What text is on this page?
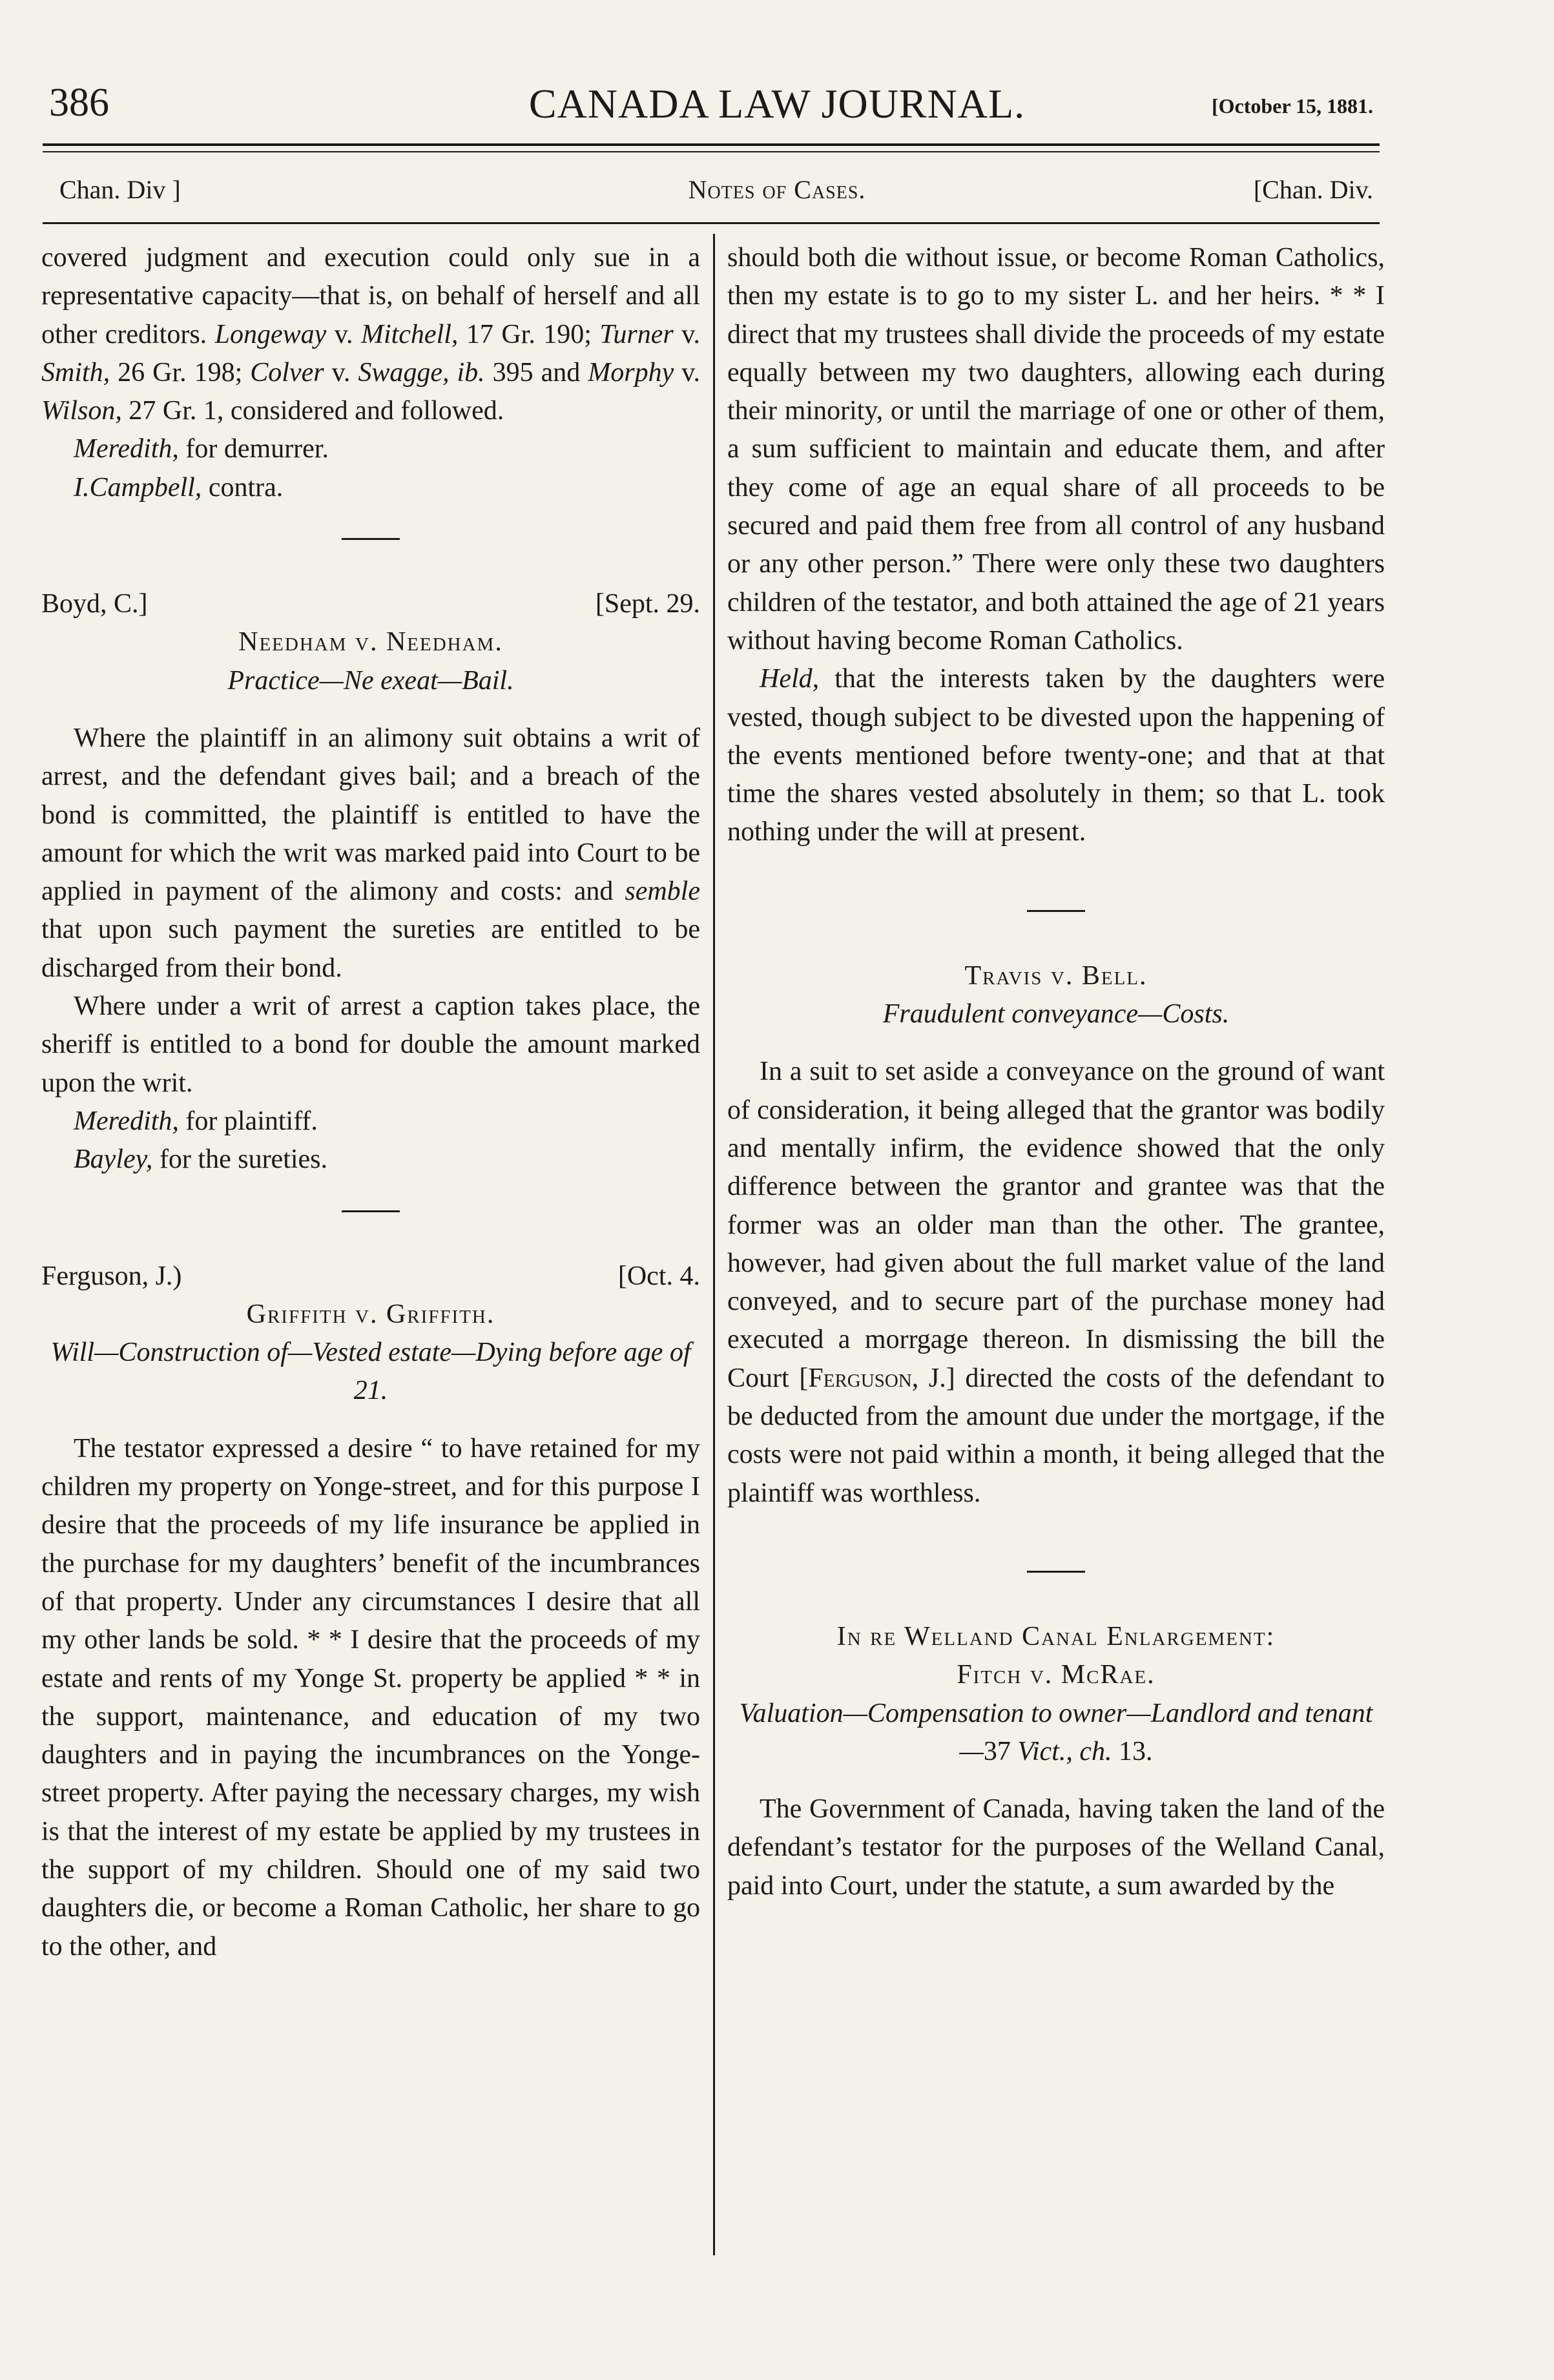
386	CANADA LAW JOURNAL.	[October 15, 1881.
Chan. Div ]	Notes of Cases.	[Chan. Div.

covered judgment and execution could only sue in a representative capacity—that is, on behalf of herself and all other creditors. Longeway v. Mitchell, 17 Gr. 190; Turner v. Smith, 26 Gr. 198; Colver v. Swagge, ib. 395 and Morphy v. Wilson, 27 Gr. 1, considered and followed.

Meredith, for demurrer.

I.Campbell, contra.

Boyd, C.]	[Sept. 29.

Needham v. Needham.

Practice—Ne exeat—Bail.

Where the plaintiff in an alimony suit obtains a writ of arrest, and the defendant gives bail; and a breach of the bond is committed, the plaintiff is entitled to have the amount for which the writ was marked paid into Court to be applied in payment of the alimony and costs: and semble that upon such payment the sureties are entitled to be discharged from their bond.

Where under a writ of arrest a caption takes place, the sheriff is entitled to a bond for double the amount marked upon the writ.

Meredith, for plaintiff.

Bayley, for the sureties.

Ferguson, J.)	[Oct. 4.

Griffith v. Griffith.

Will—Construction of—Vested estate—Dying before age of 21.

The testator expressed a desire “ to have retained for my children my property on Yonge-street, and for this purpose I desire that the proceeds of my life insurance be applied in the purchase for my daughters’ benefit of the incumbrances of that property. Under any circumstances I desire that all my other lands be sold. * * I desire that the proceeds of my estate and rents of my Yonge St. property be applied * * in the support, maintenance, and education of my two daughters and in paying the incumbrances on the Yonge-street property. After paying the necessary charges, my wish is that the interest of my estate be applied by my trustees in the support of my children. Should one of my said two daughters die, or become a Roman Catholic, her share to go to the other, and

should both die without issue, or become Roman Catholics, then my estate is to go to my sister L. and her heirs. * * I direct that my trustees shall divide the proceeds of my estate equally between my two daughters, allowing each during their minority, or until the marriage of one or other of them, a sum sufficient to maintain and educate them, and after they come of age an equal share of all proceeds to be secured and paid them free from all control of any husband or any other person.” There were only these two daughters children of the testator, and both attained the age of 21 years without having become Roman Catholics.

Held, that the interests taken by the daughters were vested, though subject to be divested upon the happening of the events mentioned before twenty-one; and that at that time the shares vested absolutely in them; so that L. took nothing under the will at present.

Travis v. Bell.

Fraudulent conveyance—Costs.

In a suit to set aside a conveyance on the ground of want of consideration, it being alleged that the grantor was bodily and mentally infirm, the evidence showed that the only difference between the grantor and grantee was that the former was an older man than the other. The grantee, however, had given about the full market value of the land conveyed, and to secure part of the purchase money had executed a morrgage thereon. In dismissing the bill the Court [Ferguson, J.] directed the costs of the defendant to be deducted from the amount due under the mortgage, if the costs were not paid within a month, it being alleged that the plaintiff was worthless.

In re Welland Canal Enlargement:

Fitch v. McRae.

Valuation—Compensation to owner—Landlord and tenant—37 Vict., ch. 13.

The Government of Canada, having taken the land of the defendant’s testator for the purposes of the Welland Canal, paid into Court, under the statute, a sum awarded by the
